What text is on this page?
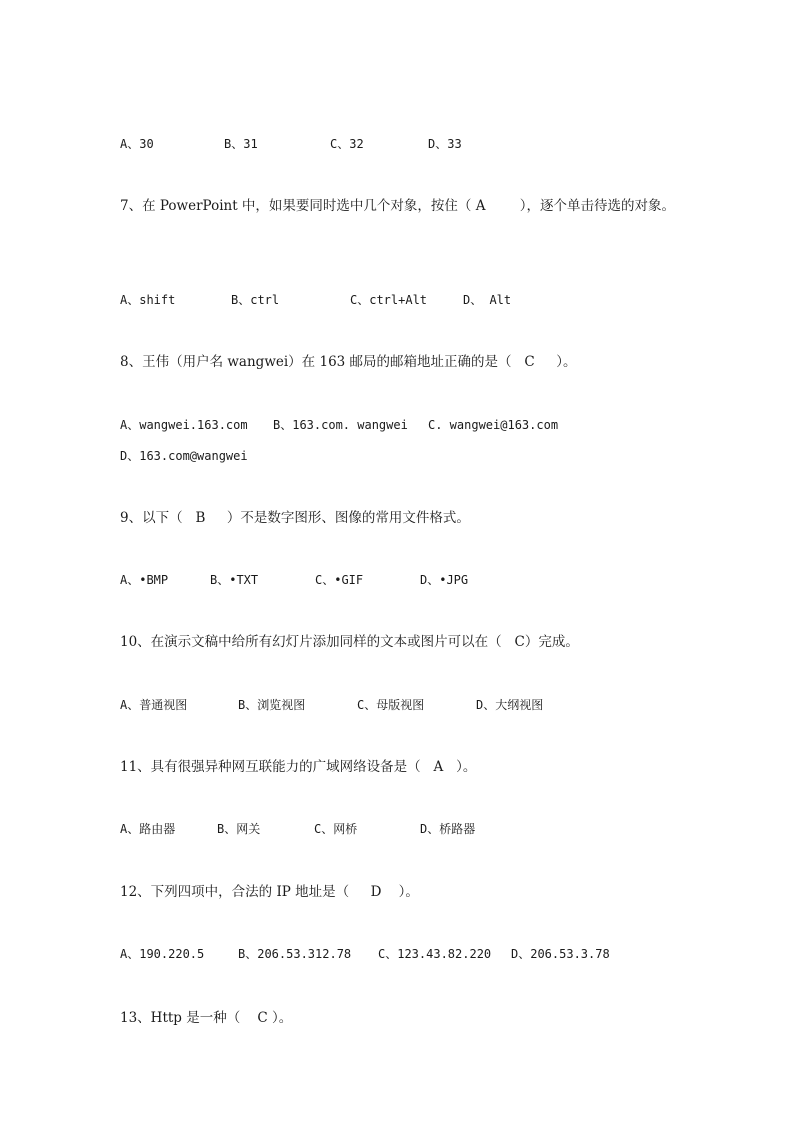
A、30

	B、31

	C、32

	D、33

7、在 PowerPoint 中，如果要同时选中几个对象，按住（ A        ），逐个单击待选的对象。

A、shift

	B、ctrl

	C、ctrl+Alt

	D、 Alt

8、王伟（用户名 wangwei）在 163 邮局的邮箱地址正确的是（   C     ）。

A、wangwei.163.com

B、163.com. wangwei

C. wangwei@163.com

D、163.com@wangwei
9、以下（   B     ）不是数字图形、图像的常用文件格式。

A、•BMP

	B、•TXT

	C、•GIF

	D、•JPG

10、在演示文稿中给所有幻灯片添加同样的文本或图片可以在（   C）完成。

A、普通视图

	B、浏览视图

	C、母版视图

	D、大纲视图

11、具有很强异种网互联能力的广域网络设备是（   A   ）。

A、路由器

	B、网关

	C、网桥

	D、桥路器

12、下列四项中，合法的 IP 地址是（     D    ）。

A、190.220.5

	B、206.53.312.78

C、123.43.82.220

D、206.53.3.78

13、Http 是一种（    C ）。
